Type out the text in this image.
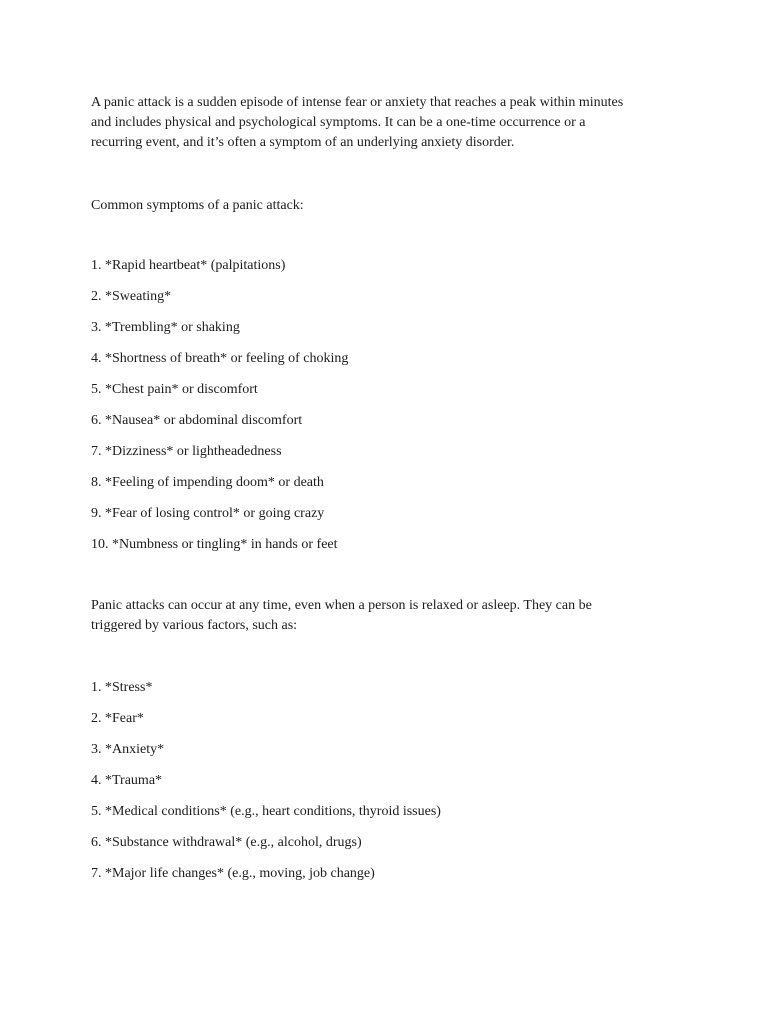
A panic attack is a sudden episode of intense fear or anxiety that reaches a peak within minutes
and includes physical and psychological symptoms. It can be a one-time occurrence or a
recurring event, and it’s often a symptom of an underlying anxiety disorder.

Common symptoms of a panic attack:

1. *Rapid heartbeat* (palpitations)
2. *Sweating*
3. *Trembling* or shaking
4. *Shortness of breath* or feeling of choking
5. *Chest pain* or discomfort
6. *Nausea* or abdominal discomfort
7. *Dizziness* or lightheadedness
8. *Feeling of impending doom* or death
9. *Fear of losing control* or going crazy
10. *Numbness or tingling* in hands or feet

Panic attacks can occur at any time, even when a person is relaxed or asleep. They can be
triggered by various factors, such as:

1. *Stress*
2. *Fear*
3. *Anxiety*
4. *Trauma*
5. *Medical conditions* (e.g., heart conditions, thyroid issues)
6. *Substance withdrawal* (e.g., alcohol, drugs)
7. *Major life changes* (e.g., moving, job change)
